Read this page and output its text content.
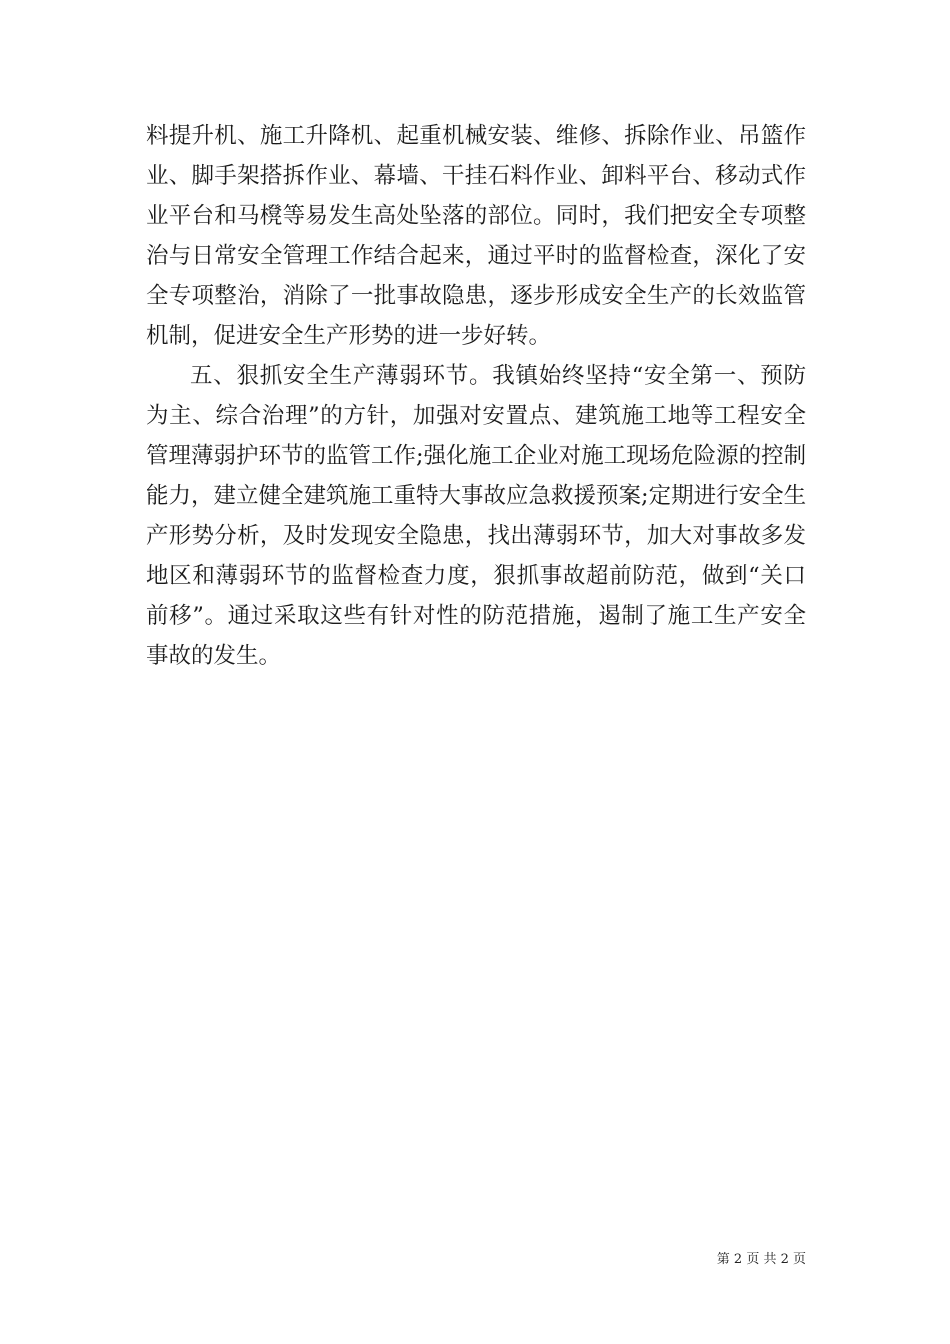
料提升机、施工升降机、起重机械安装、维修、拆除作业、吊篮作
业、脚手架搭拆作业、幕墙、干挂石料作业、卸料平台、移动式作
业平台和马櫈等易发生高处坠落的部位。同时，我们把安全专项整
治与日常安全管理工作结合起来，通过平时的监督检查，深化了安
全专项整治，消除了一批事故隐患，逐步形成安全生产的长效监管
机制，促进安全生产形势的进一步好转。
五、狠抓安全生产薄弱环节。我镇始终坚持“安全第一、预防
为主、综合治理”的方针，加强对安置点、建筑施工地等工程安全
管理薄弱护环节的监管工作;强化施工企业对施工现场危险源的控制
能力，建立健全建筑施工重特大事故应急救援预案;定期进行安全生
产形势分析，及时发现安全隐患，找出薄弱环节，加大对事故多发
地区和薄弱环节的监督检查力度，狠抓事故超前防范，做到“关口
前移”。通过采取这些有针对性的防范措施，遏制了施工生产安全
事故的发生。
第 2 页 共 2 页
